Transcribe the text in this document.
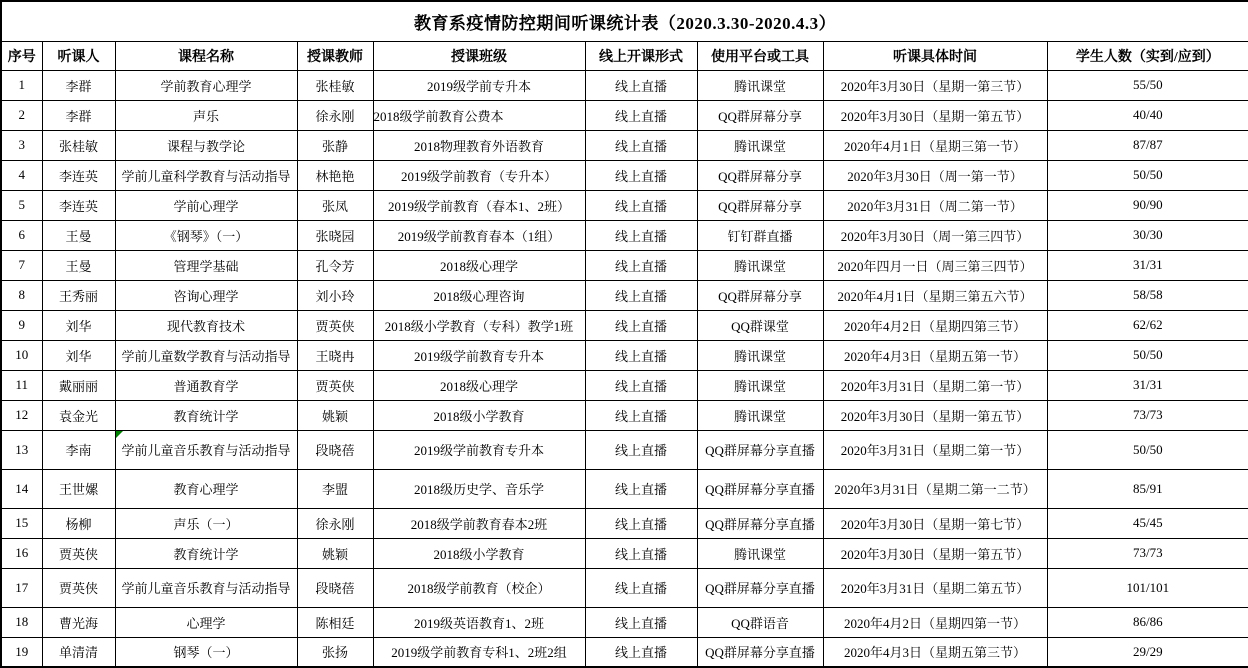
教育系疫情防控期间听课统计表（2020.3.30-2020.4.3）								
序号	听课人	课程名称	授课教师	授课班级	线上开课形式	使用平台或工具	听课具体时间	学生人数（实到/应到）
1	李群	学前教育心理学	张桂敏	2019级学前专升本	线上直播	腾讯课堂	2020年3月30日（星期一第三节）	55/50
2	李群	声乐	徐永刚	2018级学前教育公费本	线上直播	QQ群屏幕分享	2020年3月30日（星期一第五节）	40/40
3	张桂敏	课程与教学论	张静	2018物理教育外语教育	线上直播	腾讯课堂	2020年4月1日（星期三第一节）	87/87
4	李连英	学前儿童科学教育与活动指导	林艳艳	2019级学前教育（专升本）	线上直播	QQ群屏幕分享	2020年3月30日（周一第一节）	50/50
5	李连英	学前心理学	张凤	2019级学前教育（春本1、2班）	线上直播	QQ群屏幕分享	2020年3月31日（周二第一节）	90/90
6	王曼	《钢琴》（一）	张晓园	2019级学前教育春本（1组）	线上直播	钉钉群直播	2020年3月30日（周一第三四节）	30/30
7	王曼	管理学基础	孔令芳	2018级心理学	线上直播	腾讯课堂	2020年四月一日（周三第三四节）	31/31
8	王秀丽	咨询心理学	刘小玲	2018级心理咨询	线上直播	QQ群屏幕分享	2020年4月1日（星期三第五六节）	58/58
9	刘华	现代教育技术	贾英侠	2018级小学教育（专科）教学1班	线上直播	QQ群课堂	2020年4月2日（星期四第三节）	62/62
10	刘华	学前儿童数学教育与活动指导	王晓冉	2019级学前教育专升本	线上直播	腾讯课堂	2020年4月3日（星期五第一节）	50/50
11	戴丽丽	普通教育学	贾英侠	2018级心理学	线上直播	腾讯课堂	2020年3月31日（星期二第一节）	31/31
12	袁金光	教育统计学	姚颖	2018级小学教育	线上直播	腾讯课堂	2020年3月30日（星期一第五节）	73/73
13	李南	学前儿童音乐教育与活动指导	段晓蓓	2019级学前教育专升本	线上直播	QQ群屏幕分享直播	2020年3月31日（星期二第一节）	50/50
14	王世嫘	教育心理学	李盟	2018级历史学、音乐学	线上直播	QQ群屏幕分享直播	2020年3月31日（星期二第一二节）	85/91
15	杨柳	声乐（一）	徐永刚	2018级学前教育春本2班	线上直播	QQ群屏幕分享直播	2020年3月30日（星期一第七节）	45/45
16	贾英侠	教育统计学	姚颖	2018级小学教育	线上直播	腾讯课堂	2020年3月30日（星期一第五节）	73/73
17	贾英侠	学前儿童音乐教育与活动指导	段晓蓓	2018级学前教育（校企）	线上直播	QQ群屏幕分享直播	2020年3月31日（星期二第五节）	101/101
18	曹光海	心理学	陈相廷	2019级英语教育1、2班	线上直播	QQ群语音	2020年4月2日（星期四第一节）	86/86
19	单清清	钢琴（一）	张扬	2019级学前教育专科1、2班2组	线上直播	QQ群屏幕分享直播	2020年4月3日（星期五第三节）	29/29
